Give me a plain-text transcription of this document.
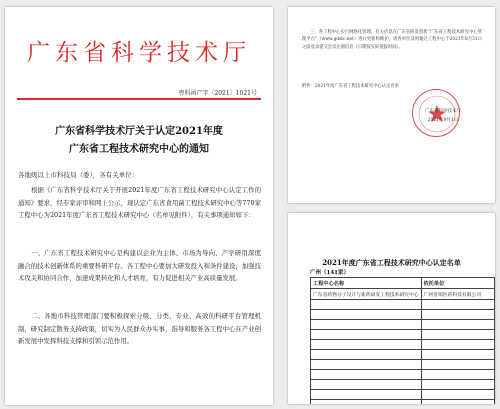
广东省科学技术厅
粤科函产字〔2021〕1021号
广东省科学技术厅关于认定2021年度
广东省工程技术研究中心的通知
各地级以上市科技局（委），各有关单位：
根据《广东省科学技术厅关于开展2021年度广东省工程技术研究中心认定工作的通知》要求，经专家评审和网上公示，现认定广东省食用菌工程技术研究中心等770家工程中心为2021年度广东省工程技术研究中心（名单见附件），有关事项通知如下：
一、广东省工程技术研究中心是构建以企业为主体、市场为导向、产学研用深度融合的技术创新体系的重要科研平台。各工程中心要加大研发投入和条件建设，加强技术攻关和协同合作，加速成果转化和人才培育，有力促进相关产业高质量发展。
二、各地市科技管理部门要积极探索分级、分类、专业、高效的科研平台管理机制，研究制定散务支持政策，切实为人民群众办实事，指导和服务各工程中心在产业创新发展中发挥科技支撑和引领示范作用。
三、各工程中心实行网络化管理，有关信息在广东省研发创新“广东省工程技术研究中心管理平台”（www.gdstc.net）进行更新和维护。请各单位及时通过工程中心于2021年8月31日之前登录提交会员注册信息（日期按实际提报时间）。
附件：2021年度广东省工程技术研究中心认定名单
广东省科学技术厅
2021年9月1日
2021年度广东省工程技术研究中心认定名单
广州（141家）
工程中心名称	依托单位
广东省药物分子设计与新药研发工程技术研究中心	广州普瑞医药科技有限公司
